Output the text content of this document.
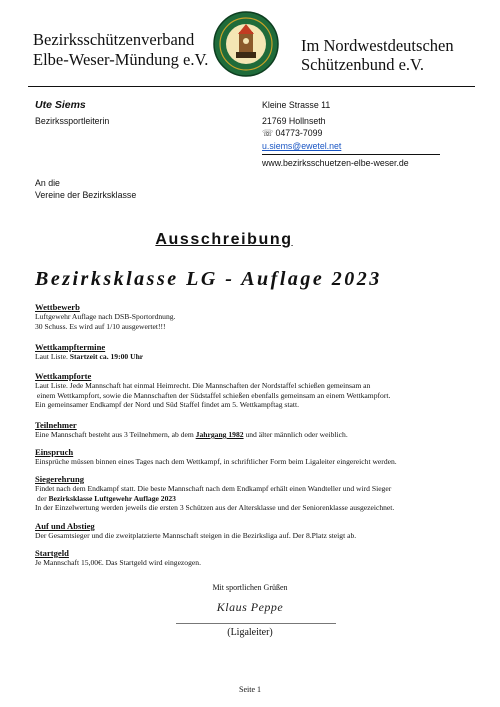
Bezirksschützenverband
Elbe-Weser-Mündung e.V.
Im Nordwestdeutschen
Schützenbund e.V.
Ute Siems
Bezirkssportleiterin
Kleine Strasse 11
21769 Hollnseth
☏ 04773-7099
u.siems@ewetel.net
www.bezirksschuetzen-elbe-weser.de
An die
Vereine der Bezirksklasse
Ausschreibung
Bezirksklasse LG - Auflage 2023
Wettbewerb
Luftgewehr Auflage nach DSB-Sportordnung.
30 Schuss. Es wird auf 1/10 ausgewertet!!!
Wettkampftermine
Laut Liste. Startzeit ca. 19:00 Uhr
Wettkampforte
Laut Liste. Jede Mannschaft hat einmal Heimrecht. Die Mannschaften der Nordstaffel schießen gemeinsam an
einem Wettkampfort, sowie die Mannschaften der Südstaffel schießen ebenfalls gemeinsam an einem Wettkampfort.
Ein gemeinsamer Endkampf der Nord und Süd Staffel findet am 5. Wettkampftag statt.
Teilnehmer
Eine Mannschaft besteht aus 3 Teilnehmern, ab dem Jahrgang 1982 und älter männlich oder weiblich.
Einspruch
Einsprüche müssen binnen eines Tages nach dem Wettkampf, in schriftlicher Form beim Ligaleiter eingereicht werden.
Siegerehrung
Findet nach dem Endkampf statt. Die beste Mannschaft nach dem Endkampf erhält einen Wandteller und wird Sieger
der Bezirksklasse Luftgewehr Auflage 2023
In der Einzelwertung werden jeweils die ersten 3 Schützen aus der Altersklasse und der Seniorenklasse ausgezeichnet.
Auf und Abstieg
Der Gesamtsieger und die zweitplatzierte Mannschaft steigen in die Bezirksliga auf. Der 8.Platz steigt ab.
Startgeld
Je Mannschaft 15,00€. Das Startgeld wird eingezogen.
Mit sportlichen Grüßen
Klaus Peppe
(Ligaleiter)
Seite 1
